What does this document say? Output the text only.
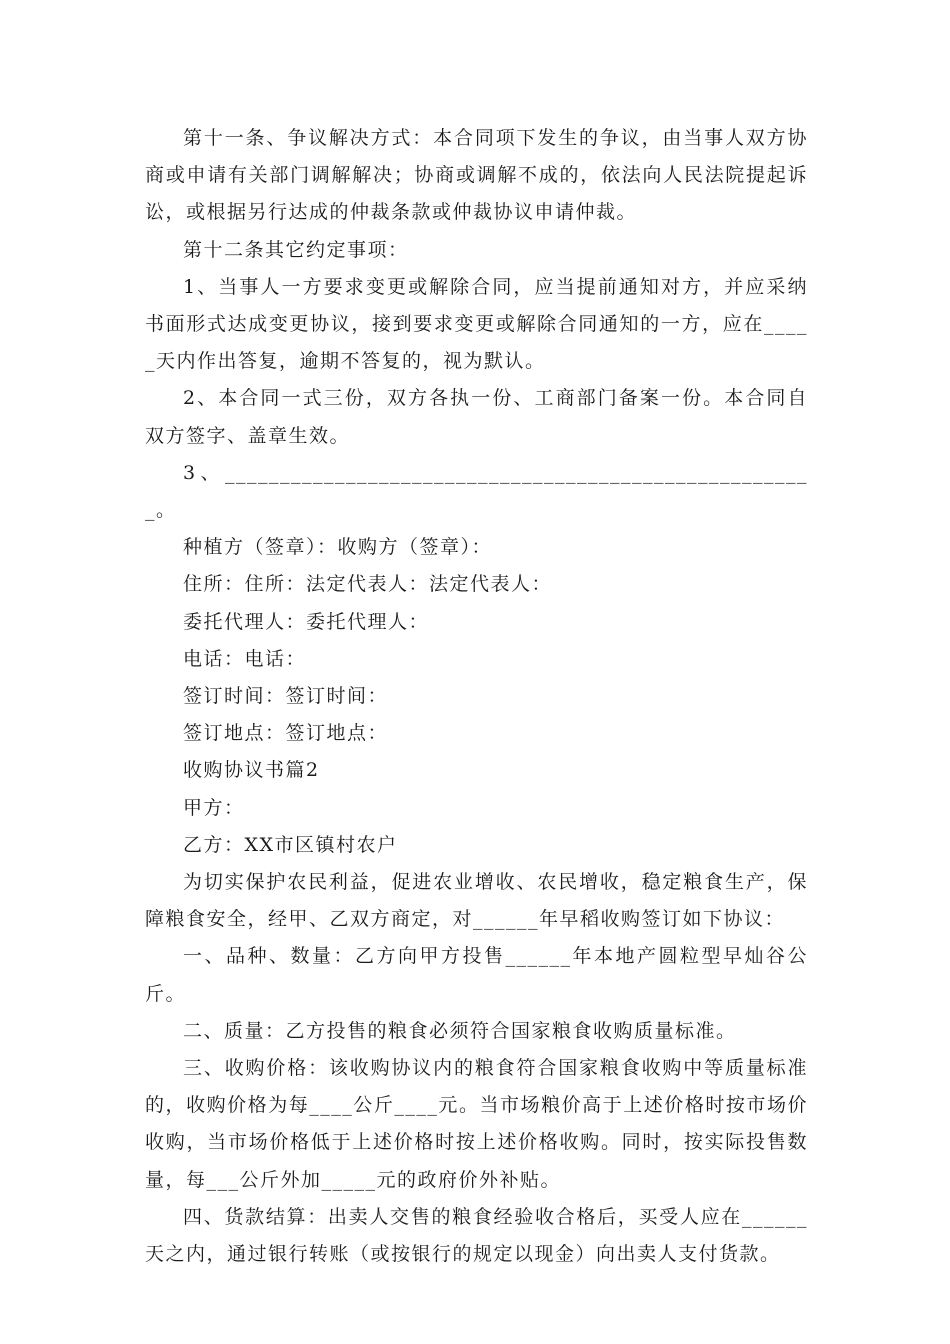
第十一条、争议解决方式：本合同项下发生的争议，由当事人双方协商或申请有关部门调解解决；协商或调解不成的，依法向人民法院提起诉讼，或根据另行达成的仲裁条款或仲裁协议申请仲裁。

第十二条其它约定事项：

1、当事人一方要求变更或解除合同，应当提前通知对方，并应采纳书面形式达成变更协议，接到要求变更或解除合同通知的一方，应在_____天内作出答复，逾期不答复的，视为默认。

2、本合同一式三份，双方各执一份、工商部门备案一份。本合同自双方签字、盖章生效。

3、______________________________________________________。

种植方（签章）：收购方（签章）：

住所：住所：法定代表人：法定代表人：

委托代理人：委托代理人：

电话：电话：

签订时间：签订时间：

签订地点：签订地点：

收购协议书篇2

甲方：

乙方：XX市区镇村农户

为切实保护农民利益，促进农业增收、农民增收，稳定粮食生产，保障粮食安全，经甲、乙双方商定，对______年早稻收购签订如下协议：

一、品种、数量：乙方向甲方投售______年本地产圆粒型早灿谷公斤。

二、质量：乙方投售的粮食必须符合国家粮食收购质量标准。

三、收购价格：该收购协议内的粮食符合国家粮食收购中等质量标准的，收购价格为每____公斤____元。当市场粮价高于上述价格时按市场价收购，当市场价格低于上述价格时按上述价格收购。同时，按实际投售数量，每___公斤外加_____元的政府价外补贴。

四、货款结算：出卖人交售的粮食经验收合格后，买受人应在______天之内，通过银行转账（或按银行的规定以现金）向出卖人支付货款。
